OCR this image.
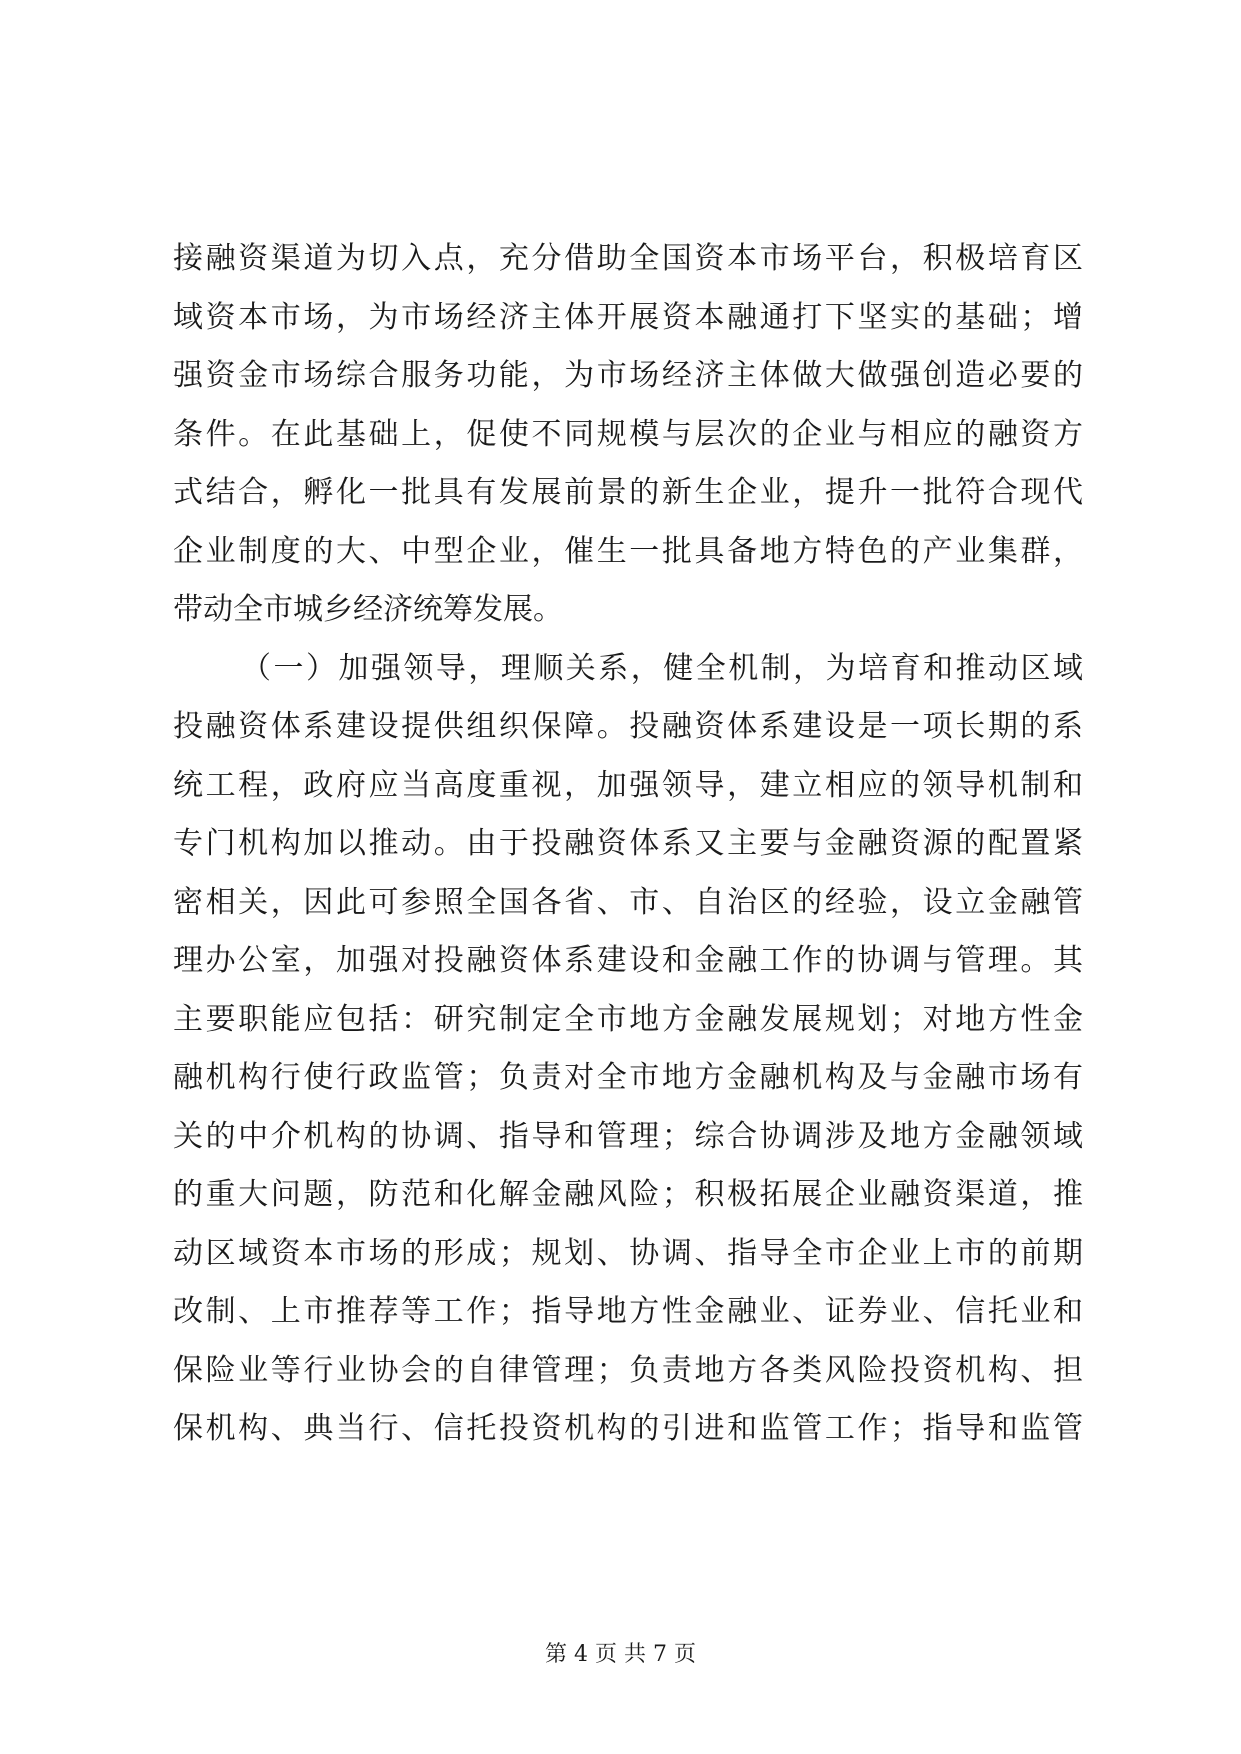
接融资渠道为切入点，充分借助全国资本市场平台，积极培育区
域资本市场，为市场经济主体开展资本融通打下坚实的基础；增
强资金市场综合服务功能，为市场经济主体做大做强创造必要的
条件。在此基础上，促使不同规模与层次的企业与相应的融资方
式结合，孵化一批具有发展前景的新生企业，提升一批符合现代
企业制度的大、中型企业，催生一批具备地方特色的产业集群，
带动全市城乡经济统筹发展。
（一）加强领导，理顺关系，健全机制，为培育和推动区域
投融资体系建设提供组织保障。投融资体系建设是一项长期的系
统工程，政府应当高度重视，加强领导，建立相应的领导机制和
专门机构加以推动。由于投融资体系又主要与金融资源的配置紧
密相关，因此可参照全国各省、市、自治区的经验，设立金融管
理办公室，加强对投融资体系建设和金融工作的协调与管理。其
主要职能应包括：研究制定全市地方金融发展规划；对地方性金
融机构行使行政监管；负责对全市地方金融机构及与金融市场有
关的中介机构的协调、指导和管理；综合协调涉及地方金融领域
的重大问题，防范和化解金融风险；积极拓展企业融资渠道，推
动区域资本市场的形成；规划、协调、指导全市企业上市的前期
改制、上市推荐等工作；指导地方性金融业、证券业、信托业和
保险业等行业协会的自律管理；负责地方各类风险投资机构、担
保机构、典当行、信托投资机构的引进和监管工作；指导和监管
第 4 页 共 7 页
